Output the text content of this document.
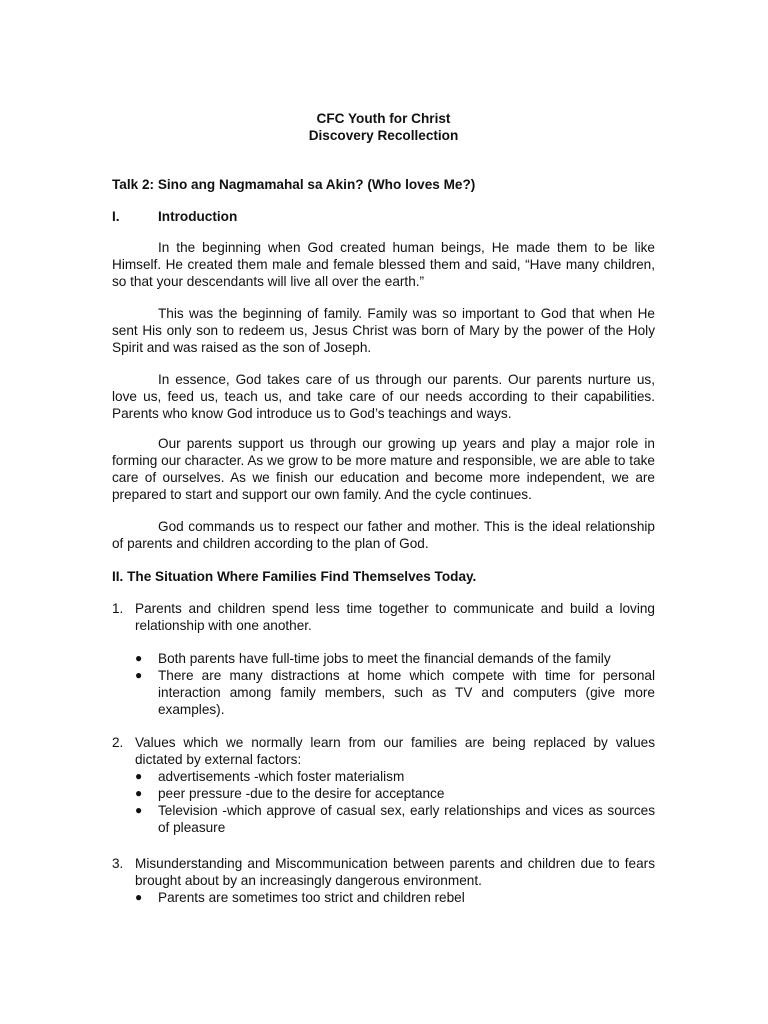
CFC Youth for Christ

Discovery Recollection

Talk 2: Sino ang Nagmamahal sa Akin? (Who loves Me?)

I.	Introduction

In the beginning when God created human beings, He made them to be like Himself. He created them male and female blessed them and said, “Have many children, so that your descendants will live all over the earth.”

This was the beginning of family. Family was so important to God that when He sent His only son to redeem us, Jesus Christ was born of Mary by the power of the Holy Spirit and was raised as the son of Joseph.

In essence, God takes care of us through our parents. Our parents nurture us, love us, feed us, teach us, and take care of our needs according to their capabilities. Parents who know God introduce us to God’s teachings and ways.

Our parents support us through our growing up years and play a major role in forming our character. As we grow to be more mature and responsible, we are able to take care of ourselves. As we finish our education and become more independent, we are prepared to start and support our own family. And the cycle continues.

God commands us to respect our father and mother. This is the ideal relationship of parents and children according to the plan of God.

II. The Situation Where Families Find Themselves Today.

1. Parents and children spend less time together to communicate and build a loving relationship with one another.
● Both parents have full-time jobs to meet the financial demands of the family
● There are many distractions at home which compete with time for personal interaction among family members, such as TV and computers (give more examples).
2. Values which we normally learn from our families are being replaced by values dictated by external factors:
● advertisements -which foster materialism
● peer pressure -due to the desire for acceptance
● Television -which approve of casual sex, early relationships and vices as sources of pleasure
3. Misunderstanding and Miscommunication between parents and children due to fears brought about by an increasingly dangerous environment.
● Parents are sometimes too strict and children rebel
